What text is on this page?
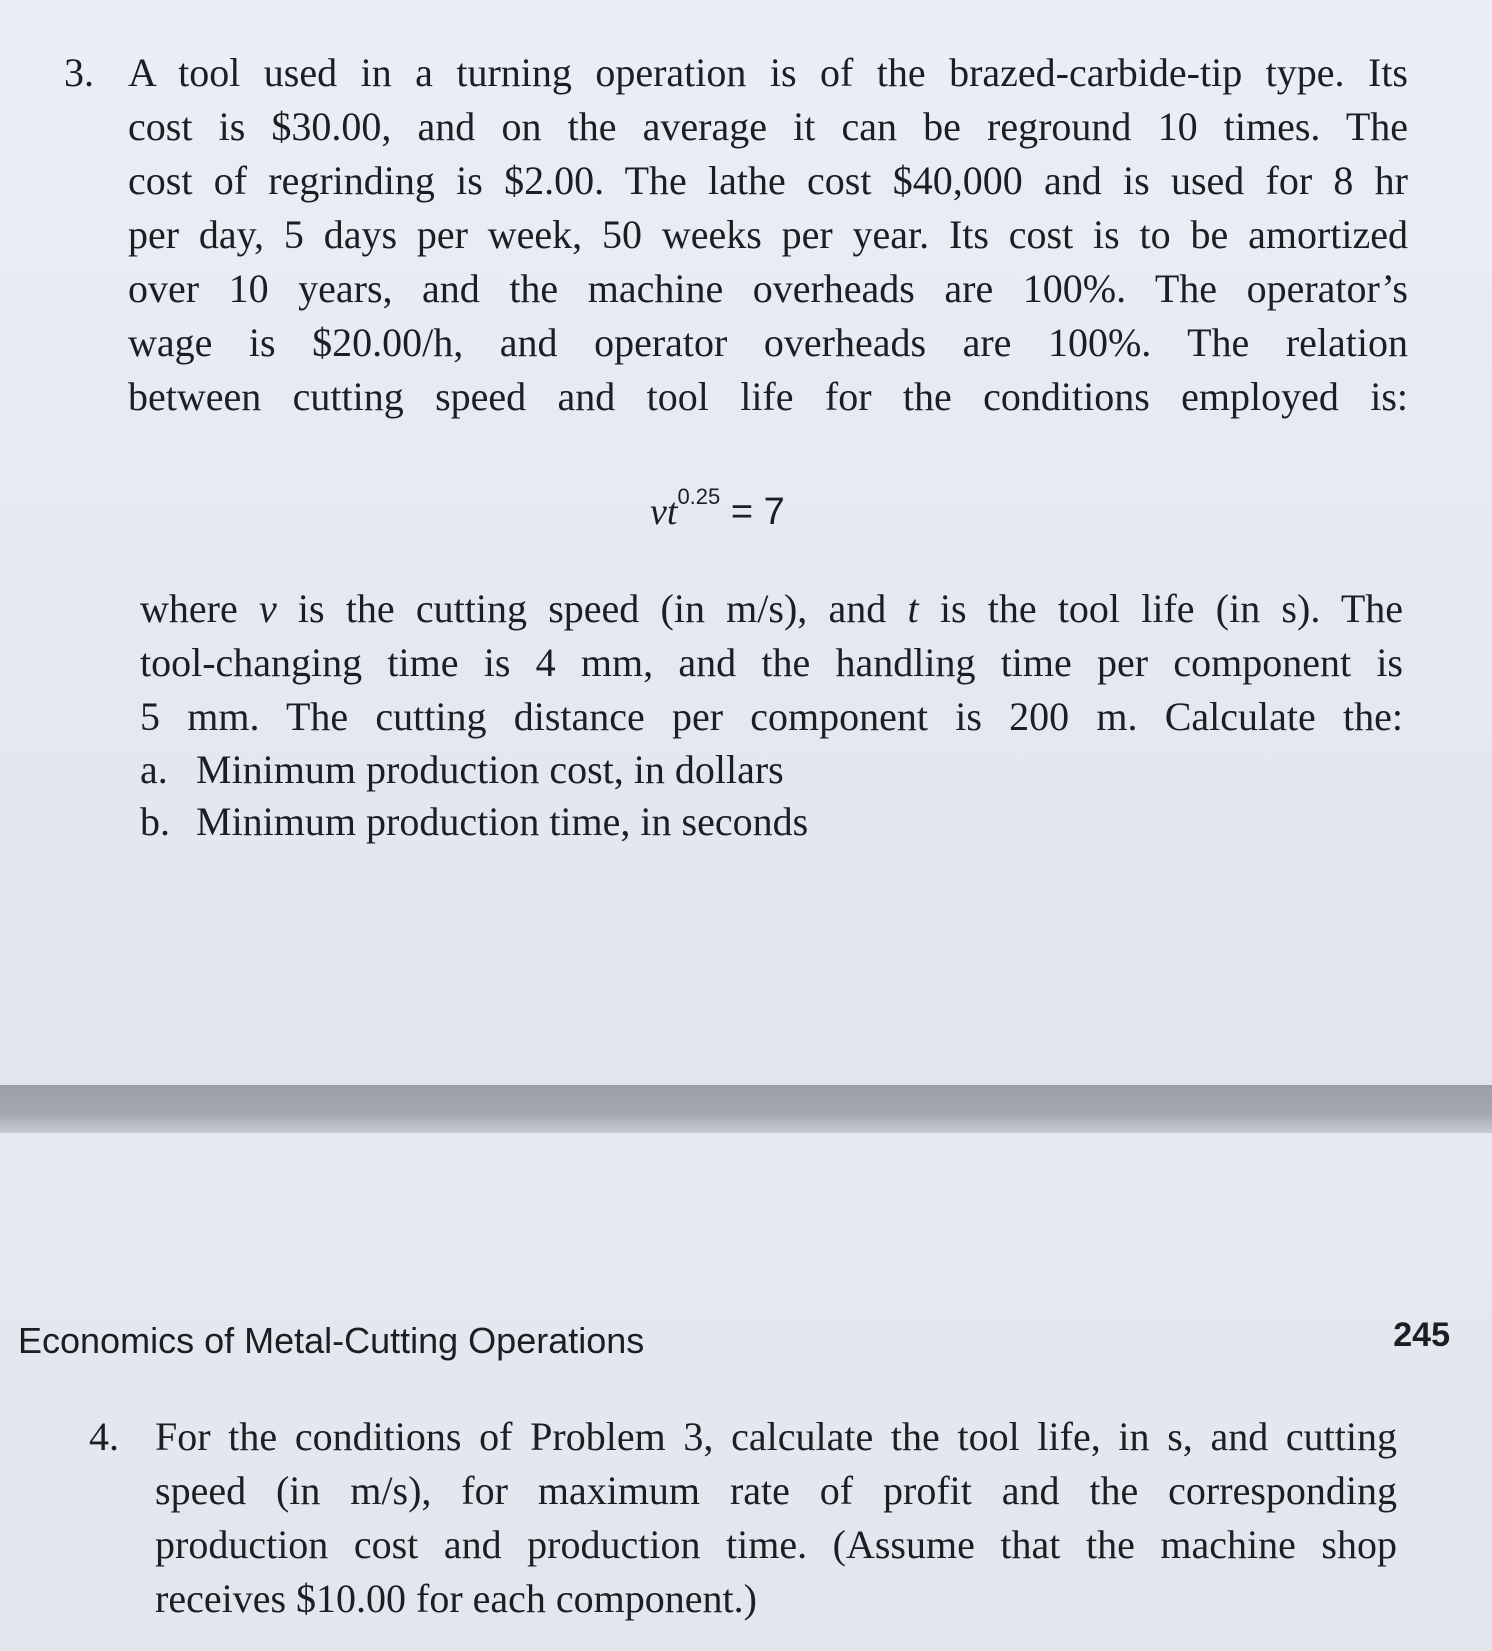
3. A tool used in a turning operation is of the brazed-carbide-tip type. Its
cost is $30.00, and on the average it can be reground 10 times. The
cost of regrinding is $2.00. The lathe cost $40,000 and is used for 8 hr
per day, 5 days per week, 50 weeks per year. Its cost is to be amortized
over 10 years, and the machine overheads are 100%. The operator’s
wage is $20.00/h, and operator overheads are 100%. The relation
between cutting speed and tool life for the conditions employed is:
$vt^{0.25} = 7$
where v is the cutting speed (in m/s), and t is the tool life (in s). The
tool-changing time is 4 mm, and the handling time per component is
5 mm. The cutting distance per component is 200 m. Calculate the:
a. Minimum production cost, in dollars
b. Minimum production time, in seconds
Economics of Metal-Cutting Operations	245
4. For the conditions of Problem 3, calculate the tool life, in s, and cutting
speed (in m/s), for maximum rate of profit and the corresponding
production cost and production time. (Assume that the machine shop
receives $10.00 for each component.)
